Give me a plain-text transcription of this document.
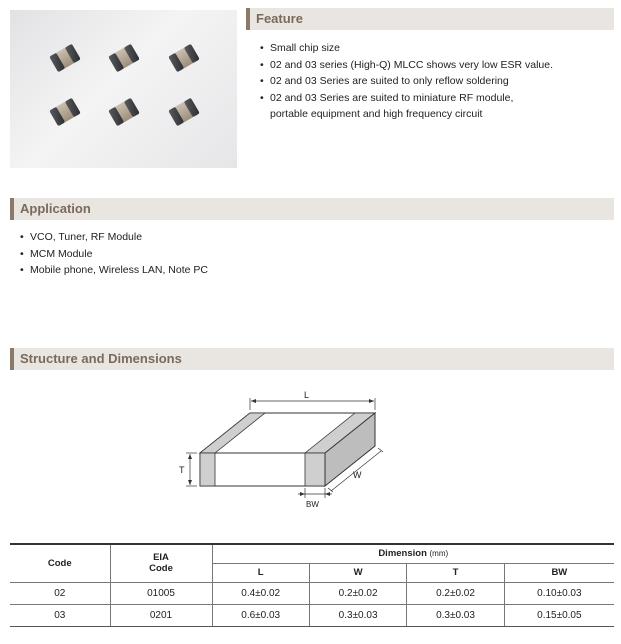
Feature
• Small chip size
• 02 and 03 series (High-Q) MLCC shows very low ESR value.
• 02 and 03 Series are suited to only reflow soldering
• 02 and 03 Series are suited to miniature RF module,
portable equipment and high frequency circuit
Application
• VCO, Tuner, RF Module
• MCM Module
• Mobile phone, Wireless LAN, Note PC
Structure and Dimensions
L
T	W
BW
Code	EIA
Code	Dimension (mm)			
		L	W	T	BW
02	01005	0.4±0.02	0.2±0.02	0.2±0.02	0.10±0.03
03	0201	0.6±0.03	0.3±0.03	0.3±0.03	0.15±0.05
